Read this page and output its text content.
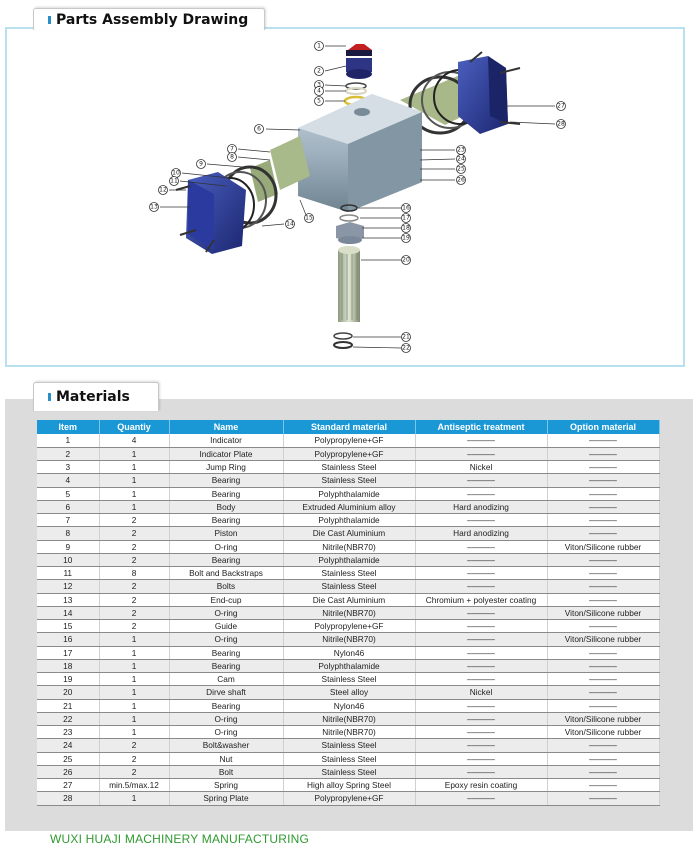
Parts Assembly Drawing
1
2
3
4
5
6
7
8
9
10
11
12
13
14
15
16
17
18
19
20
21
22
23
24
25
26
27
28
Materials
Item	Quantiy	Name	Standard material	Antiseptic treatment	Option material
1	4	Indicator	Polypropylene+GF	––––––	––––––
2	1	Indicator Plate	Polypropylene+GF	––––––	––––––
3	1	Jump Ring	Stainless Steel	Nickel	––––––
4	1	Bearing	Stainless Steel	––––––	––––––
5	1	Bearing	Polyphthalamide	––––––	––––––
6	1	Body	Extruded Aluminium alloy	Hard anodizing	––––––
7	2	Bearing	Polyphthalamide	––––––	––––––
8	2	Piston	Die Cast Aluminium	Hard anodizing	––––––
9	2	O-ring	Nitrile(NBR70)	––––––	Viton/Silicone rubber
10	2	Bearing	Polyphthalamide	––––––	––––––
11	8	Bolt and Backstraps	Stainless Steel	––––––	––––––
12	2	Bolts	Stainless Steel	––––––	––––––
13	2	End-cup	Die Cast Aluminium	Chromium + polyester coating	––––––
14	2	O-ring	Nitrile(NBR70)	––––––	Viton/Silicone rubber
15	2	Guide	Polypropylene+GF	––––––	––––––
16	1	O-ring	Nitrile(NBR70)	––––––	Viton/Silicone rubber
17	1	Bearing	Nylon46	––––––	––––––
18	1	Bearing	Polyphthalamide	––––––	––––––
19	1	Cam	Stainless Steel	––––––	––––––
20	1	Dirve shaft	Steel alloy	Nickel	––––––
21	1	Bearing	Nylon46	––––––	––––––
22	1	O-ring	Nitrile(NBR70)	––––––	Viton/Silicone rubber
23	1	O-ring	Nitrile(NBR70)	––––––	Viton/Silicone rubber
24	2	Bolt&washer	Stainless Steel	––––––	––––––
25	2	Nut	Stainless Steel	––––––	––––––
26	2	Bolt	Stainless Steel	––––––	––––––
27	min.5/max.12	Spring	High alloy Spring Steel	Epoxy resin coating	––––––
28	1	Spring Plate	Polypropylene+GF	––––––	––––––
WUXI HUAJI MACHINERY MANUFACTURING
